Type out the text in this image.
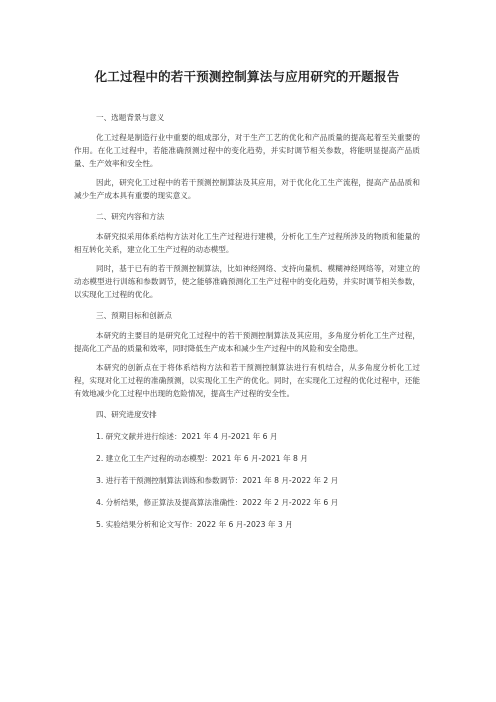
化工过程中的若干预测控制算法与应用研究的开题报告

一、选题背景与意义

化工过程是制造行业中重要的组成部分，对于生产工艺的优化和产品质量的提高起着至关重要的作用。在化工过程中，若能准确预测过程中的变化趋势，并实时调节相关参数，将能明显提高产品质量、生产效率和安全性。

因此，研究化工过程中的若干预测控制算法及其应用，对于优化化工生产流程，提高产品品质和减少生产成本具有重要的现实意义。

二、研究内容和方法

本研究拟采用体系结构方法对化工生产过程进行建模，分析化工生产过程所涉及的物质和能量的相互转化关系，建立化工生产过程的动态模型。

同时，基于已有的若干预测控制算法，比如神经网络、支持向量机、模糊神经网络等，对建立的动态模型进行训练和参数调节，使之能够准确预测化工生产过程中的变化趋势，并实时调节相关参数，以实现化工过程的优化。

三、预期目标和创新点

本研究的主要目的是研究化工过程中的若干预测控制算法及其应用，多角度分析化工生产过程，提高化工产品的质量和效率，同时降低生产成本和减少生产过程中的风险和安全隐患。

本研究的创新点在于将体系结构方法和若干预测控制算法进行有机结合，从多角度分析化工过程，实现对化工过程的准确预测，以实现化工生产的优化。同时，在实现化工过程的优化过程中，还能有效地减少化工过程中出现的危险情况，提高生产过程的安全性。

四、研究进度安排

1. 研究文献并进行综述：2021 年 4 月-2021 年 6 月

2. 建立化工生产过程的动态模型：2021 年 6 月-2021 年 8 月

3. 进行若干预测控制算法训练和参数调节：2021 年 8 月-2022 年 2 月

4. 分析结果，修正算法及提高算法准确性：2022 年 2 月-2022 年 6 月

5. 实验结果分析和论文写作：2022 年 6 月-2023 年 3 月
